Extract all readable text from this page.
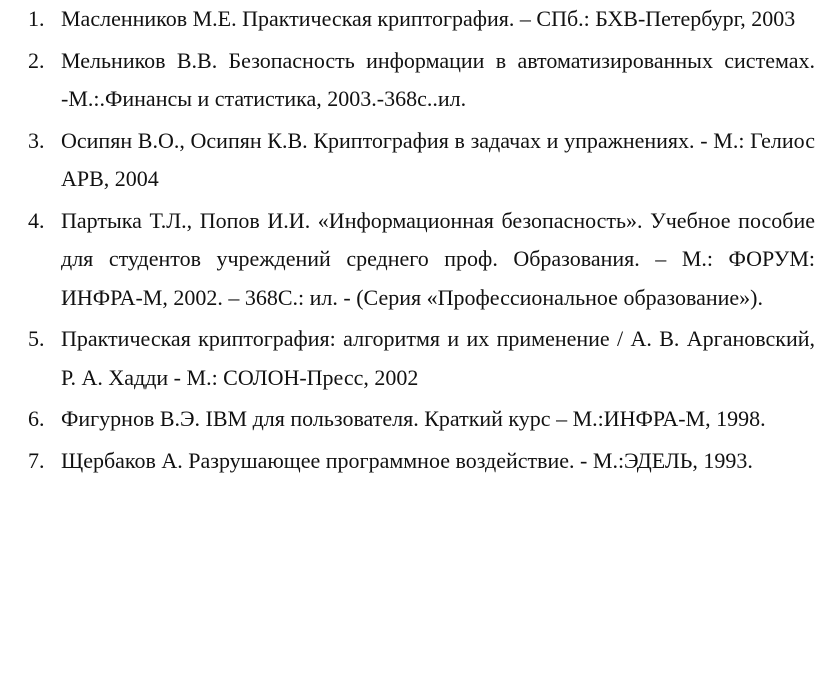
1. Масленников М.Е. Практическая криптография. – СПб.: БХВ-Петербург, 2003
2. Мельников В.В. Безопасность информации в автоматизированных системах. -М.:.Финансы и статистика, 2003.-368с..ил.
3. Осипян В.О., Осипян К.В. Криптография в задачах и упражнениях. - М.: Гелиос АРВ, 2004
4. Партыка Т.Л., Попов И.И. «Информационная безопасность». Учебное пособие для студентов учреждений среднего проф. Образования. – М.: ФОРУМ: ИНФРА-М, 2002. – 368С.: ил. - (Серия «Профессиональное образование»).
5. Практическая криптография: алгоритмя и их применение / А. В. Аргановский, Р. А. Хадди - М.: СОЛОН-Пресс, 2002
6. Фигурнов В.Э. IBM для пользователя. Краткий курс – М.:ИНФРА-М, 1998.
7. Щербаков А. Разрушающее программное воздействие. - М.:ЭДЕЛЬ, 1993.
